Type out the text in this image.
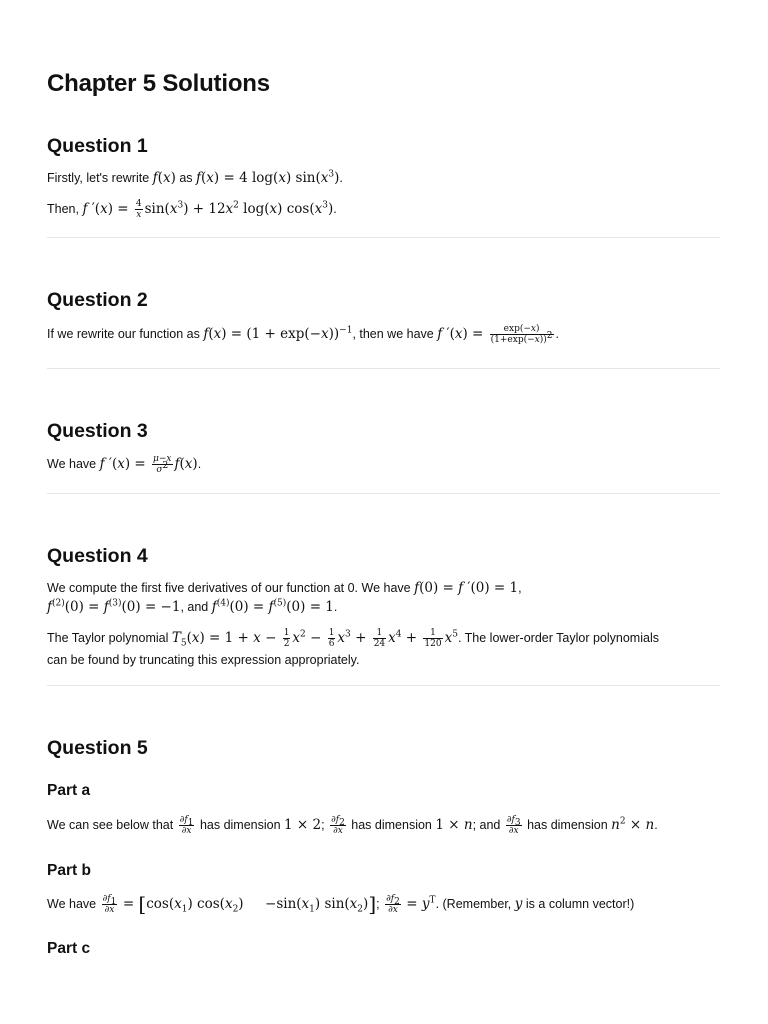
Chapter 5 Solutions
Question 1
Firstly, let's rewrite f(x) as f(x) = 4 log(x) $\sin(x^3)$.
Then, f $'(x) = \frac{4}{x} \sin(x^3) + 12x^2$ log(x) $\cos(x^3)$.
Question 2
If we rewrite our function as $f(x) = (1 + \exp(-x))^{-1}$, then we have f $'(x) = \frac{\exp(-x)}{(1+\exp(-x))^2}$ .
Question 3
We have f $'(x) = \frac{\mu-x}{\sigma^2} f(x)$.
Question 4
We compute the first five derivatives of our function at 0. We have f(0) = f ′(0) = 1,
$f^{(2)}(0) = f^{(3)}(0) = -1$, and $f^{(4)}(0) = f^{(5)}(0) = 1$.
The Taylor polynomial $T_5(x) = 1 + x - \frac{1}{2} x^2 - \frac{1}{6} x^3 + \frac{1}{24} x^4 + \frac{1}{120} x^5$. The lower-order Taylor polynomials
can be found by truncating this expression appropriately.
Question 5
Part a
We can see below that $\frac{\partial f_1}{\partial x}$ has dimension 1 × 2; $\frac{\partial f_2}{\partial x}$ has dimension 1 × n; and $\frac{\partial f_3}{\partial x}$ has dimension $n^2 \times n$.
Part b
We have $\frac{\partial f_1}{\partial x} = [\cos(x_1)$ $\cos(x_2)$     $-\sin(x_1)$ $\sin(x_2)$]; $\frac{\partial f_2}{\partial x} = y^T$. (Remember, y is a column vector!)
Part c
